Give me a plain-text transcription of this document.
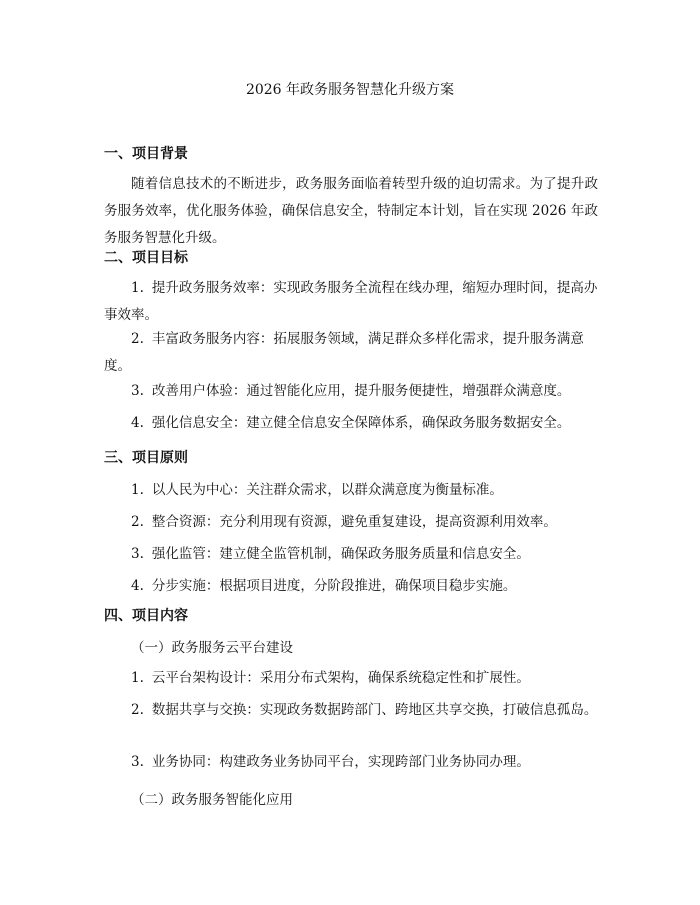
2026 年政务服务智慧化升级方案
一、项目背景

随着信息技术的不断进步，政务服务面临着转型升级的迫切需求。为了提升政务服务效率，优化服务体验，确保信息安全，特制定本计划，旨在实现 2026 年政务服务智慧化升级。

二、项目目标

1. 提升政务服务效率：实现政务服务全流程在线办理，缩短办理时间，提高办事效率。

2. 丰富政务服务内容：拓展服务领域，满足群众多样化需求，提升服务满意度。

3. 改善用户体验：通过智能化应用，提升服务便捷性，增强群众满意度。

4. 强化信息安全：建立健全信息安全保障体系，确保政务服务数据安全。

三、项目原则

1. 以人民为中心：关注群众需求，以群众满意度为衡量标准。

2. 整合资源：充分利用现有资源，避免重复建设，提高资源利用效率。

3. 强化监管：建立健全监管机制，确保政务服务质量和信息安全。

4. 分步实施：根据项目进度，分阶段推进，确保项目稳步实施。

四、项目内容
（一）政务服务云平台建设

1. 云平台架构设计：采用分布式架构，确保系统稳定性和扩展性。

2. 数据共享与交换：实现政务数据跨部门、跨地区共享交换，打破信息孤岛。

3. 业务协同：构建政务业务协同平台，实现跨部门业务协同办理。

（二）政务服务智能化应用
